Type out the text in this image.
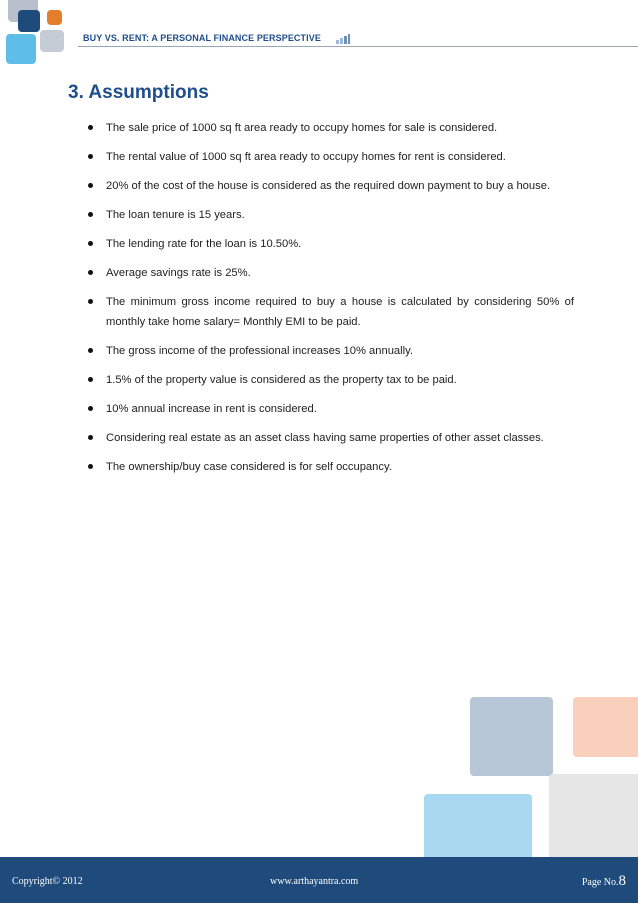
BUY VS. RENT: A PERSONAL FINANCE PERSPECTIVE
3. Assumptions
The sale price of 1000 sq ft area ready to occupy homes for sale is considered.
The rental value of 1000 sq ft area ready to occupy homes for rent is considered.
20% of the cost of the house is considered as the required down payment to buy a house.
The loan tenure is 15 years.
The lending rate for the loan is 10.50%.
Average savings rate is 25%.
The minimum gross income required to buy a house is calculated by considering 50% of monthly take home salary= Monthly EMI to be paid.
The gross income of the professional increases 10% annually.
1.5% of the property value is considered as the property tax to be paid.
10% annual increase in rent is considered.
Considering real estate as an asset class having same properties of other asset classes.
The ownership/buy case considered is for self occupancy.
Copyright© 2012	www.arthayantra.com	Page No.8
